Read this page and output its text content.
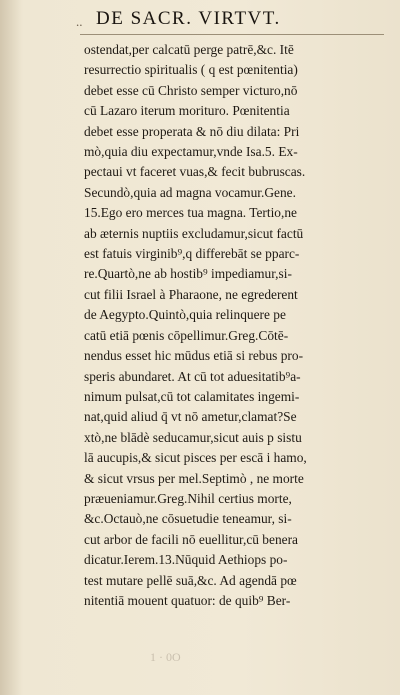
.. DE SACR. VIRTVT.
ostendat,per calcatū perge patrē,&c. Itē
resurrectio spiritualis ( q est pœnitentia)
debet esse cū Christo semper victuro,nō
cū Lazaro iterum morituro. Pœnitentia
debet esse properata & nō diu dilata: Pri
mò,quia diu expectamur,vnde Isa.5. Ex-
pectaui vt faceret vuas,& fecit bubruscas.
Secundò,quia ad magna vocamur.Gene.
15.Ego ero merces tua magna. Tertio,ne
ab æternis nuptiis excludamur,sicut factū
est fatuis virginib⁹,q differebāt se pparc-
re.Quartò,ne ab hostib⁹ impediamur,si-
cut filii Israel à Pharaone, ne egrederent
de Aegypto.Quintò,quia relinquere pe
catū etiā pœnis cōpellimur.Greg.Cōtē-
nendus esset hic mūdus etiā si rebus pro-
speris abundaret. At cū tot aduesitatib⁹a-
nimum pulsat,cū tot calamitates ingemi-
nat,quid aliud q̄ vt nō ametur,clamat?Se
xtò,ne blādè seducamur,sicut auis p sistu
lā aucupis,& sicut pisces per escā i hamo,
& sicut vrsus per mel.Septimò , ne morte
præueniamur.Greg.Nihil certius morte,
&c.Octauò,ne cōsuetudie teneamur, si-
cut arbor de facili nō euellitur,cū benera
dicatur.Ierem.13.Nūquid Aethiops po-
test mutare pellē suā,&c. Ad agendā pœ
nitentiā mouent quatuor: de quib⁹ Ber-
1 · 0O
